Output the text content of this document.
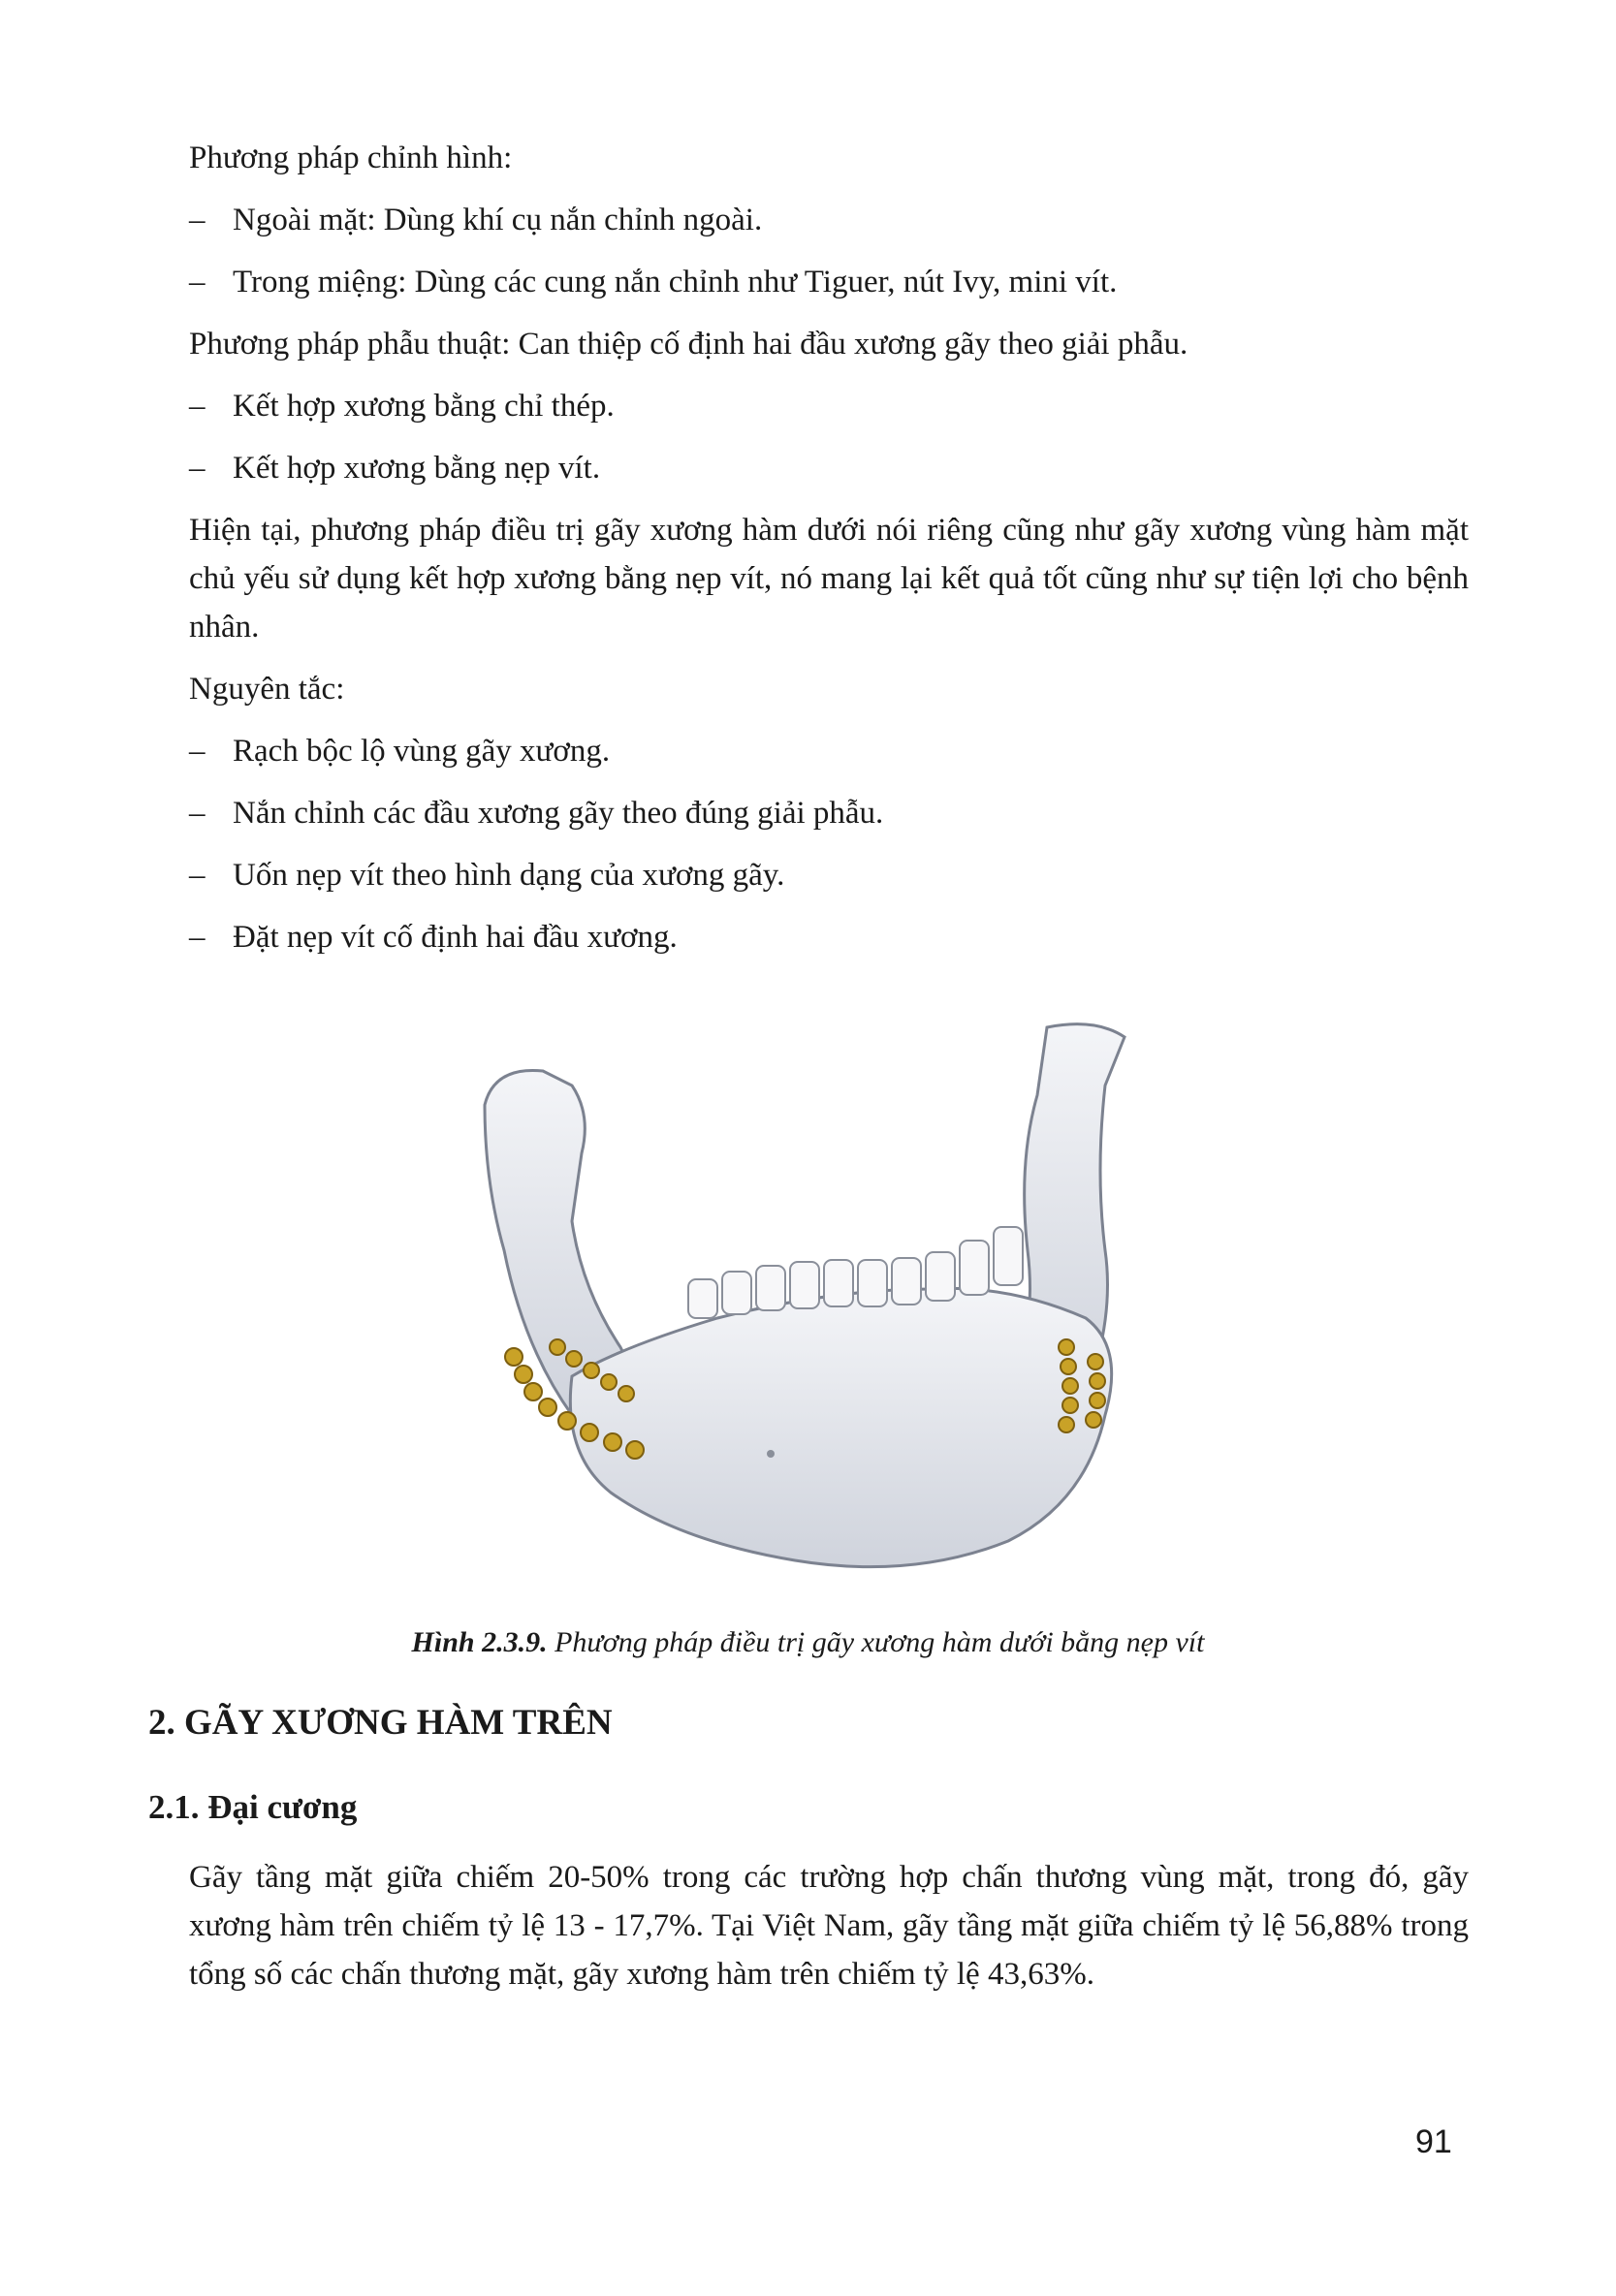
Phương pháp chỉnh hình:

– Ngoài mặt: Dùng khí cụ nắn chỉnh ngoài.
– Trong miệng: Dùng các cung nắn chỉnh như Tiguer, nút Ivy, mini vít.

Phương pháp phẫu thuật: Can thiệp cố định hai đầu xương gãy theo giải phẫu.

– Kết hợp xương bằng chỉ thép.
– Kết hợp xương bằng nẹp vít.

Hiện tại, phương pháp điều trị gãy xương hàm dưới nói riêng cũng như gãy xương vùng hàm mặt chủ yếu sử dụng kết hợp xương bằng nẹp vít, nó mang lại kết quả tốt cũng như sự tiện lợi cho bệnh nhân.

Nguyên tắc:

– Rạch bộc lộ vùng gãy xương.
– Nắn chỉnh các đầu xương gãy theo đúng giải phẫu.
– Uốn nẹp vít theo hình dạng của xương gãy.
– Đặt nẹp vít cố định hai đầu xương.
Hình 2.3.9. Phương pháp điều trị gãy xương hàm dưới bằng nẹp vít
2. GÃY XƯƠNG HÀM TRÊN
2.1. Đại cương

Gãy tầng mặt giữa chiếm 20-50% trong các trường hợp chấn thương vùng mặt, trong đó, gãy xương hàm trên chiếm tỷ lệ 13 - 17,7%. Tại Việt Nam, gãy tầng mặt giữa chiếm tỷ lệ 56,88% trong tổng số các chấn thương mặt, gãy xương hàm trên chiếm tỷ lệ 43,63%.

91
